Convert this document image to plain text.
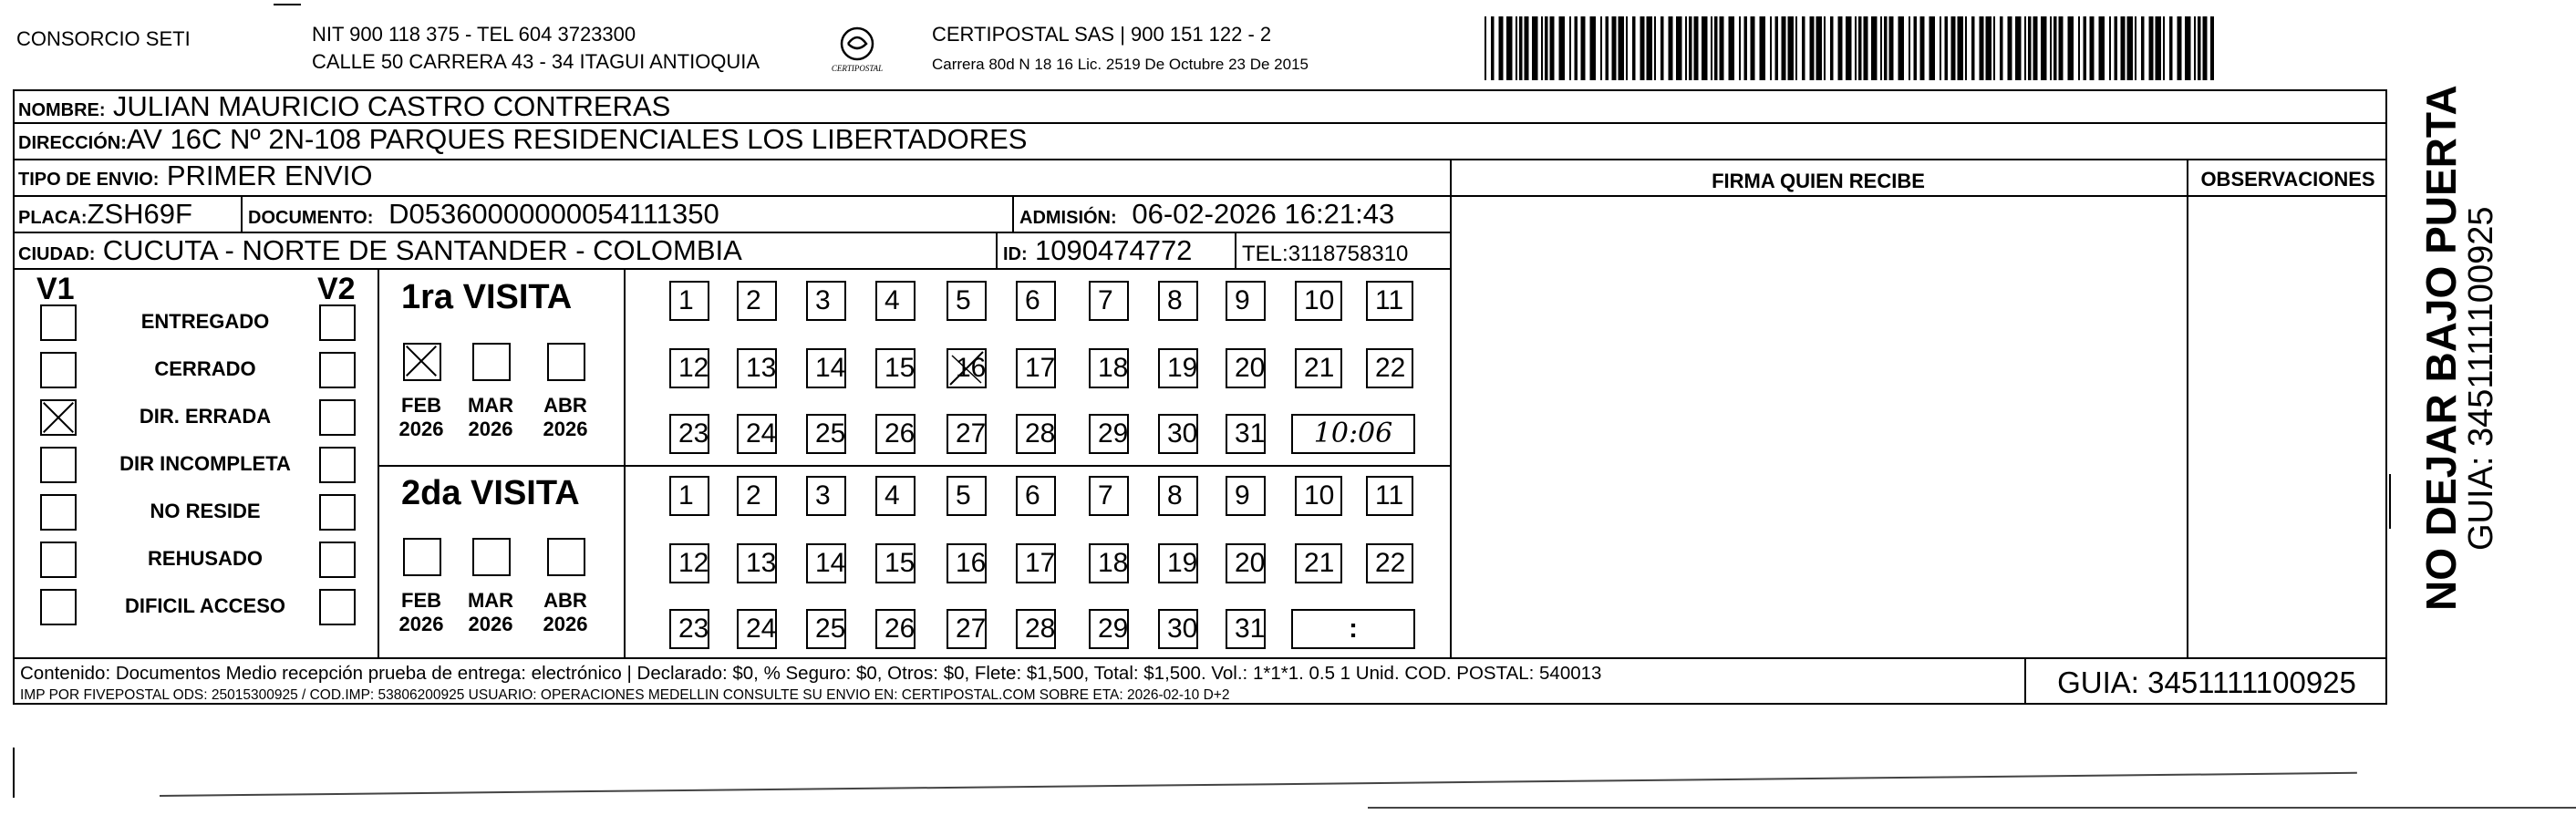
CONSORCIO SETI	NIT 900 118 375 - TEL 604 3723300
CALLE 50 CARRERA 43 - 34 ITAGUI ANTIOQUIA	CERTIPOSTAL
CERTIPOSTAL SAS | 900 151 122 - 2
Carrera 80d N 18 16 Lic. 2519 De Octubre 23 De 2015
NOMBRE: JULIAN MAURICIO CASTRO CONTRERAS
DIRECCIÓN:AV 16C Nº 2N-108 PARQUES RESIDENCIALES LOS LIBERTADORES
TIPO DE ENVIO: PRIMER ENVIO
PLACA:ZSH69F	DOCUMENTO: D05360000000054111350	ADMISIÓN: 06-02-2026 16:21:43
CIUDAD: CUCUTA - NORTE DE SANTANDER - COLOMBIA	ID: 1090474772 TEL:3118758310
FIRMA QUIEN RECIBE	OBSERVACIONES
V1	V2
ENTREGADO
CERRADO
DIR. ERRADA
DIR INCOMPLETA
NO RESIDE
REHUSADO
DIFICIL ACCESO
1ra VISITA
2da VISITA
FEB
2026
MAR
2026
ABR
2026
FEB
2026
MAR
2026
ABR
2026
1	2	3	4	5	6	7	8	9	10	11
12	13	14	15	16	17	18	19	20	21	22
23	24	25	26	27	28	29	30	31	10:06
1	2	3	4	5	6	7	8	9	10	11
12	13	14	15	16	17	18	19	20	21	22
23	24	25	26	27	28	29	30	31	:
Contenido: Documentos Medio recepción prueba de entrega: electrónico | Declarado: $0, % Seguro: $0, Otros: $0, Flete: $1,500, Total: $1,500. Vol.: 1*1*1. 0.5 1 Unid. COD. POSTAL: 540013
IMP POR FIVEPOSTAL ODS: 25015300925 / COD.IMP: 53806200925 USUARIO: OPERACIONES MEDELLIN CONSULTE SU ENVIO EN: CERTIPOSTAL.COM SOBRE ETA: 2026-02-10 D+2	GUIA: 3451111100925
NO DEJAR BAJO PUERTA
GUIA: 3451111100925
